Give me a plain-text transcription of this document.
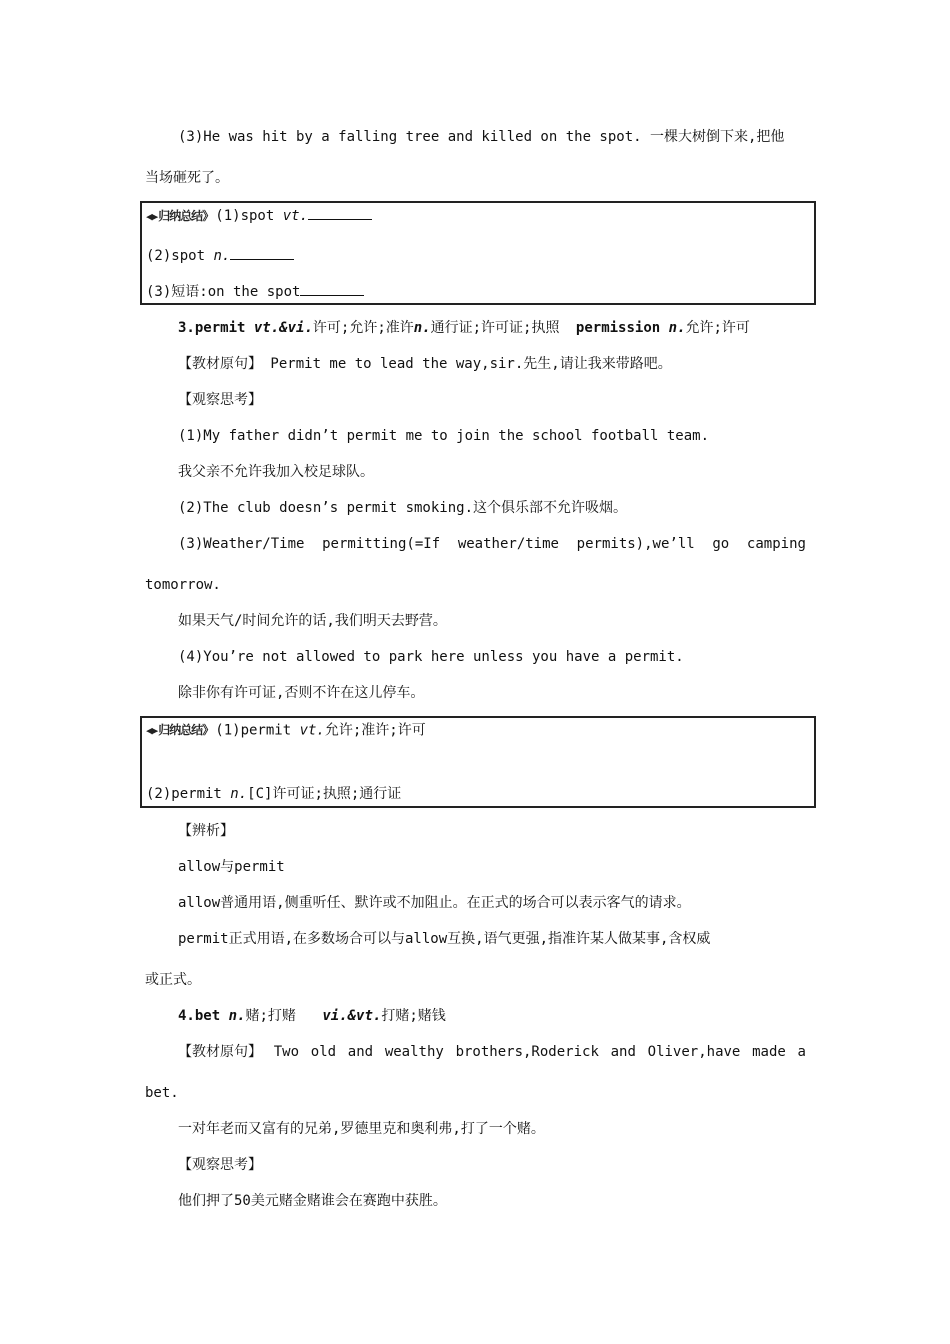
(3)He was hit by a falling tree and killed on the spot. 一棵大树倒下来,把他
当场砸死了。
◀▶归纳总结》 (1)spot vt.
(2)spot n.
(3)短语:on the spot
3.permit vt.&vi.许可;允许;准许n.通行证;许可证;执照 permission n.允许;许可
【教材原句】 Permit me to lead the way,sir.先生,请让我来带路吧。
【观察思考】
(1)My father didn’t permit me to join the school football team.
我父亲不允许我加入校足球队。
(2)The club doesn’s permit smoking.这个俱乐部不允许吸烟。
(3)Weather/Time permitting(=If weather/time permits),we’ll go camping
tomorrow.
如果天气/时间允许的话,我们明天去野营。
(4)You’re not allowed to park here unless you have a permit.
除非你有许可证,否则不许在这儿停车。
◀▶归纳总结》 (1)permit vt.允许;准许;许可
(2)permit n.[C]许可证;执照;通行证
【辨析】
allow与permit
allow普通用语,侧重听任、默许或不加阻止。在正式的场合可以表示客气的请求。
permit正式用语,在多数场合可以与allow互换,语气更强,指准许某人做某事,含权威
或正式。
4.bet n.赌;打赌 vi.&vt.打赌;赌钱
【教材原句】 Two old and wealthy brothers,Roderick and Oliver,have made a
bet.
一对年老而又富有的兄弟,罗德里克和奥利弗,打了一个赌。
【观察思考】
他们押了50美元赌金赌谁会在赛跑中获胜。
